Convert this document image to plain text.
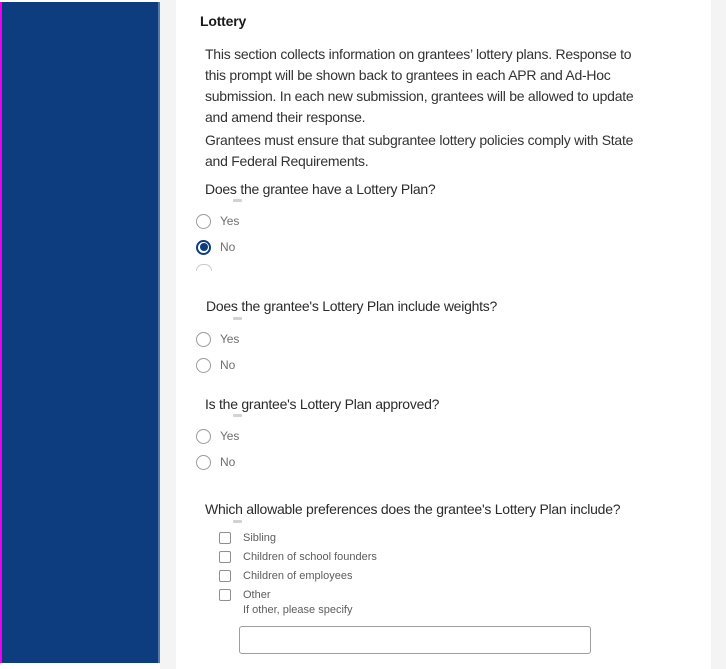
Lottery
This section collects information on grantees’ lottery plans. Response to
this prompt will be shown back to grantees in each APR and Ad-Hoc
submission. In each new submission, grantees will be allowed to update
and amend their response.
Grantees must ensure that subgrantee lottery policies comply with State
and Federal Requirements.
Does the grantee have a Lottery Plan?
Yes
No
Does the grantee's Lottery Plan include weights?
Yes
No
Is the grantee's Lottery Plan approved?
Yes
No
Which allowable preferences does the grantee's Lottery Plan include?
Sibling
Children of school founders
Children of employees
Other
If other, please specify
